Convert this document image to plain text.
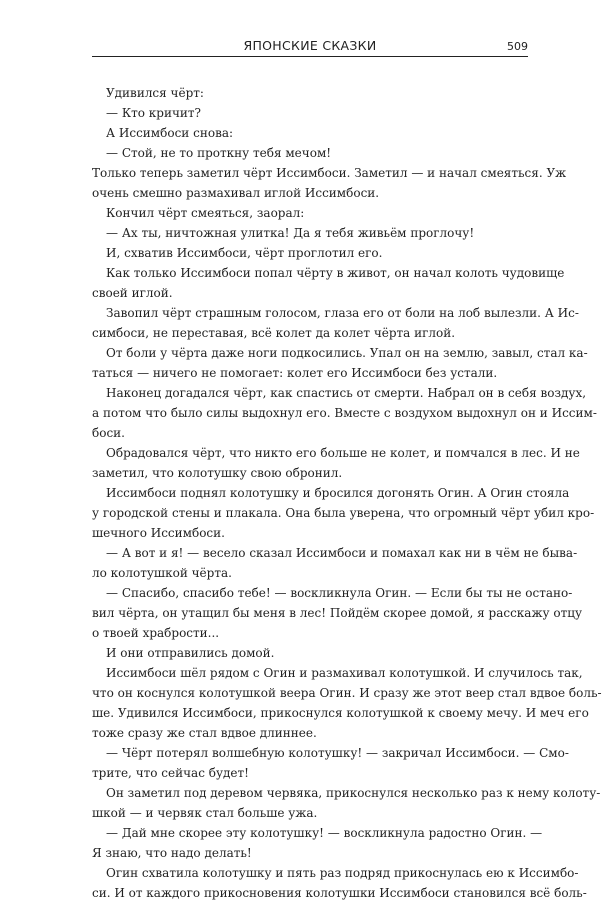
ЯПОНСКИЕ СКАЗКИ	509
Удивился чёрт:
— Кто кричит?
А Иссимбоси снова:
— Стой, не то проткну тебя мечом!
Только теперь заметил чёрт Иссимбоси. Заметил — и начал смеяться. Уж
очень смешно размахивал иглой Иссимбоси.
Кончил чёрт смеяться, заорал:
— Ах ты, ничтожная улитка! Да я тебя живьём проглочу!
И, схватив Иссимбоси, чёрт проглотил его.
Как только Иссимбоси попал чёрту в живот, он начал колоть чудовище
своей иглой.
Завопил чёрт страшным голосом, глаза его от боли на лоб вылезли. А Ис-
симбоси, не переставая, всё колет да колет чёрта иглой.
От боли у чёрта даже ноги подкосились. Упал он на землю, завыл, стал ка-
таться — ничего не помогает: колет его Иссимбоси без устали.
Наконец догадался чёрт, как спастись от смерти. Набрал он в себя воздух,
а потом что было силы выдохнул его. Вместе с воздухом выдохнул он и Иссим-
боси.
Обрадовался чёрт, что никто его больше не колет, и помчался в лес. И не
заметил, что колотушку свою обронил.
Иссимбоси поднял колотушку и бросился догонять Огин. А Огин стояла
у городской стены и плакала. Она была уверена, что огромный чёрт убил кро-
шечного Иссимбоси.
— А вот и я! — весело сказал Иссимбоси и помахал как ни в чём не быва-
ло колотушкой чёрта.
— Спасибо, спасибо тебе! — воскликнула Огин. — Если бы ты не остано-
вил чёрта, он утащил бы меня в лес! Пойдём скорее домой, я расскажу отцу
о твоей храбрости...
И они отправились домой.
Иссимбоси шёл рядом с Огин и размахивал колотушкой. И случилось так,
что он коснулся колотушкой веера Огин. И сразу же этот веер стал вдвое боль-
ше. Удивился Иссимбоси, прикоснулся колотушкой к своему мечу. И меч его
тоже сразу же стал вдвое длиннее.
— Чёрт потерял волшебную колотушку! — закричал Иссимбоси. — Смо-
трите, что сейчас будет!
Он заметил под деревом червяка, прикоснулся несколько раз к нему колоту-
шкой — и червяк стал больше ужа.
— Дай мне скорее эту колотушку! — воскликнула радостно Огин. —
Я знаю, что надо делать!
Огин схватила колотушку и пять раз подряд прикоснулась ею к Иссимбо-
си. И от каждого прикосновения колотушки Иссимбоси становился всё боль-
